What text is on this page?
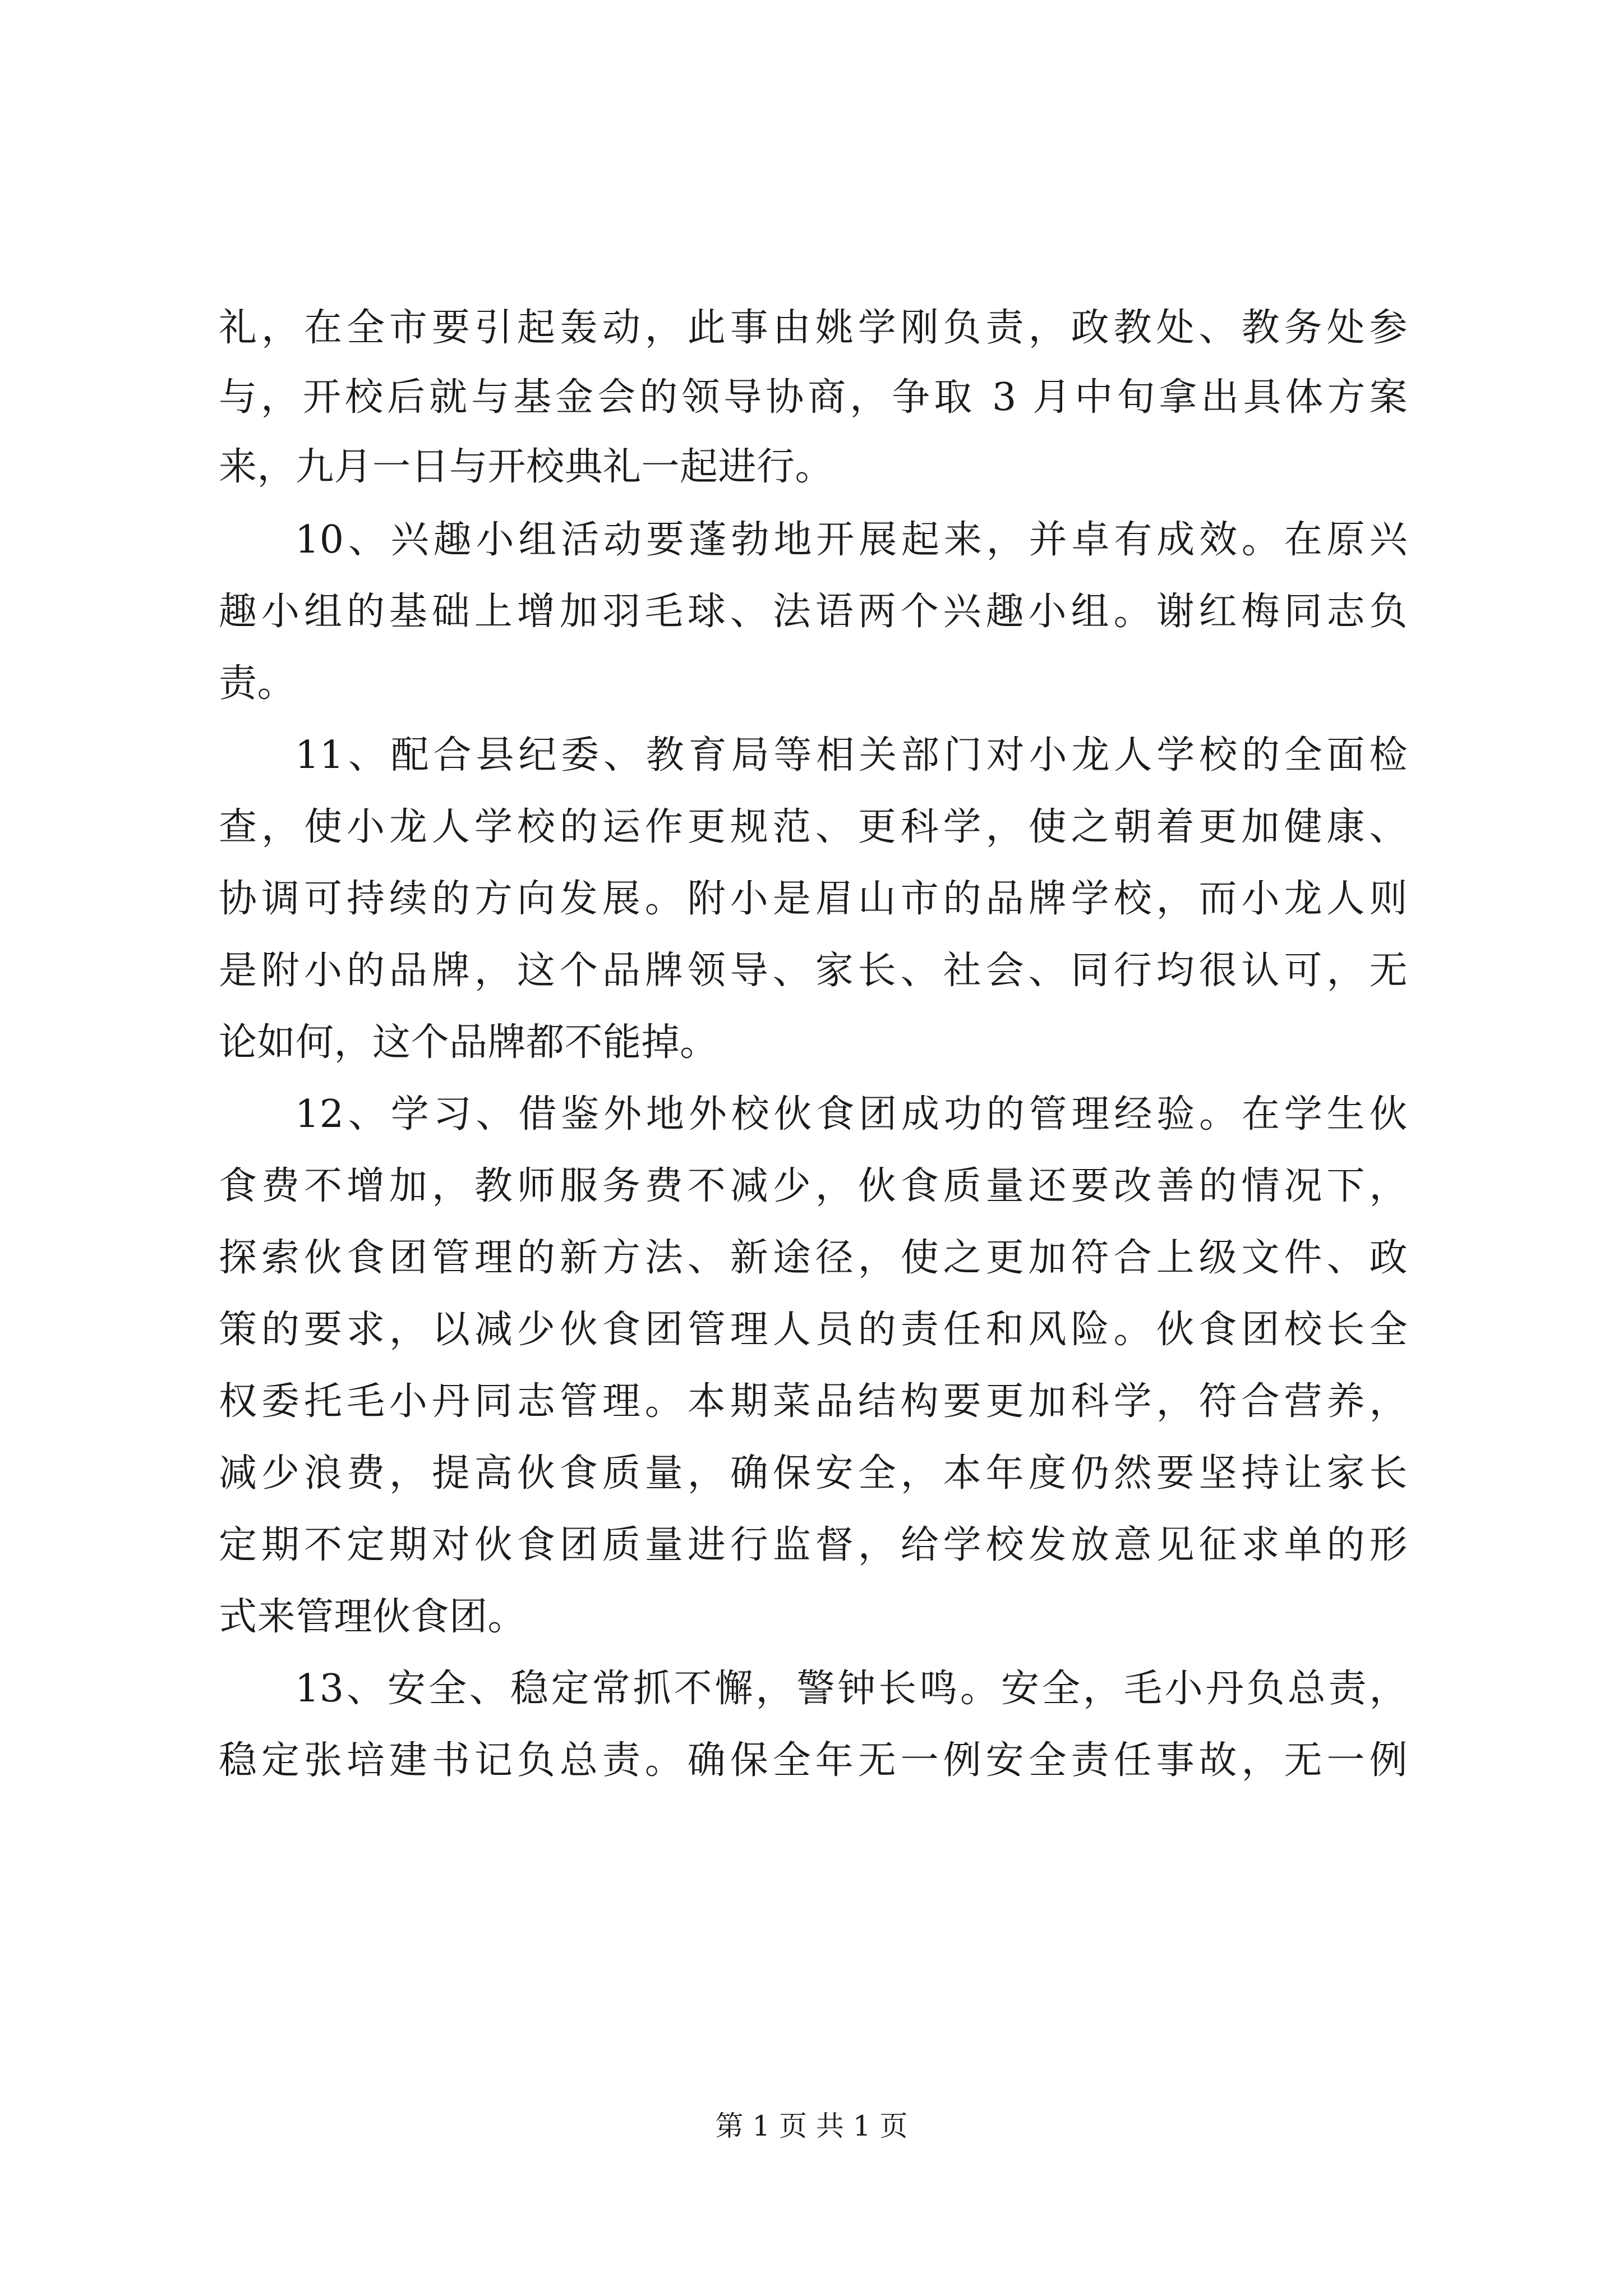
礼，在全市要引起轰动，此事由姚学刚负责，政教处、教务处参
与，开校后就与基金会的领导协商，争取 3 月中旬拿出具体方案
来，九月一日与开校典礼一起进行。
10、兴趣小组活动要蓬勃地开展起来，并卓有成效。在原兴
趣小组的基础上增加羽毛球、法语两个兴趣小组。谢红梅同志负
责。
11、配合县纪委、教育局等相关部门对小龙人学校的全面检
查，使小龙人学校的运作更规范、更科学，使之朝着更加健康、
协调可持续的方向发展。附小是眉山市的品牌学校，而小龙人则
是附小的品牌，这个品牌领导、家长、社会、同行均很认可，无
论如何，这个品牌都不能掉。
12、学习、借鉴外地外校伙食团成功的管理经验。在学生伙
食费不增加，教师服务费不减少，伙食质量还要改善的情况下，
探索伙食团管理的新方法、新途径，使之更加符合上级文件、政
策的要求，以减少伙食团管理人员的责任和风险。伙食团校长全
权委托毛小丹同志管理。本期菜品结构要更加科学，符合营养，
减少浪费，提高伙食质量，确保安全，本年度仍然要坚持让家长
定期不定期对伙食团质量进行监督，给学校发放意见征求单的形
式来管理伙食团。
13、安全、稳定常抓不懈，警钟长鸣。安全，毛小丹负总责，
稳定张培建书记负总责。确保全年无一例安全责任事故，无一例
第 1 页 共 1 页
